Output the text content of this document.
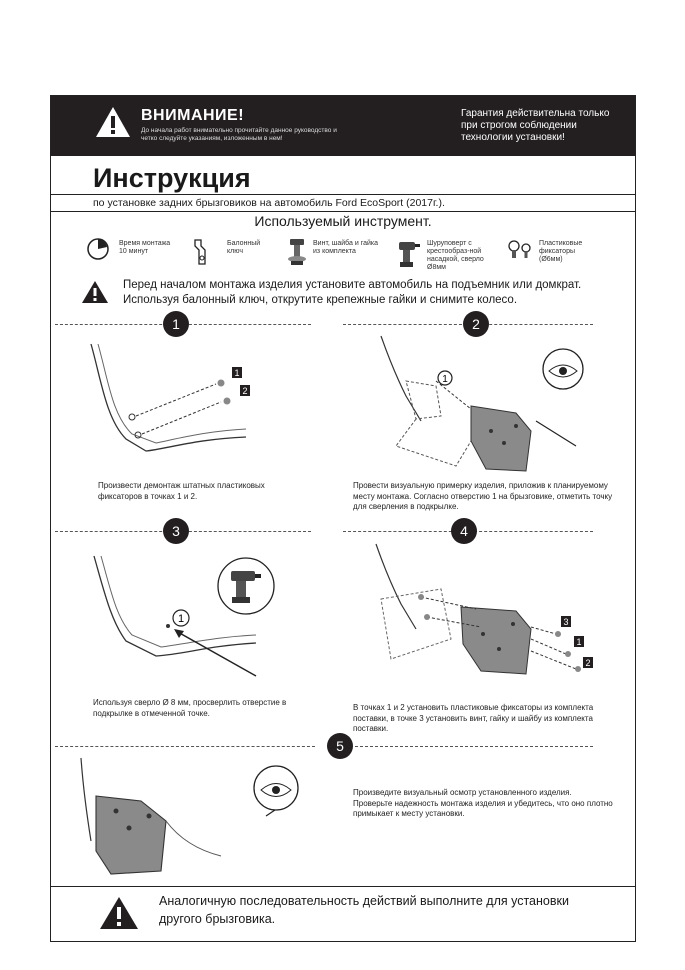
ВНИМАНИЕ!
До начала работ внимательно прочитайте данное руководство и четко следуйте указаниям, изложенным в нем!
Гарантия действительна только при строгом соблюдении технологии установки!
Инструкция
по установке задних брызговиков на автомобиль Ford EcoSport (2017г.).
Используемый инструмент.
Время монтажа 10 минут
Балонный ключ
Винт, шайба и гайка из комплекта
Шуруповерт с крестообраз-ной насадкой, сверло Ø8мм
Пластиковые фиксаторы (Ø6мм)
Перед началом монтажа изделия установите автомобиль на подъемник или домкрат. Используя балонный ключ, открутите крепежные гайки и снимите колесо.
1	2
1
2
Произвести демонтаж штатных пластиковых фиксаторов в точках 1 и 2.
1
Провести визуальную примерку изделия, приложив к планируемому месту монтажа. Согласно отверстию 1 на брызговике, отметить точку для сверления в подкрылке.
3	4
1
Используя сверло Ø 8 мм, просверлить отверстие в подкрылке в отмеченной точке.
3
1
2
В точках 1 и 2 установить пластиковые фиксаторы из комплекта поставки, в точке 3 установить винт, гайку и шайбу из комплекта поставки.
5
Произведите визуальный осмотр установленного изделия. Проверьте надежность монтажа изделия и убедитесь, что оно плотно примыкает к месту установки.
Аналогичную последовательность действий выполните для установки другого брызговика.
